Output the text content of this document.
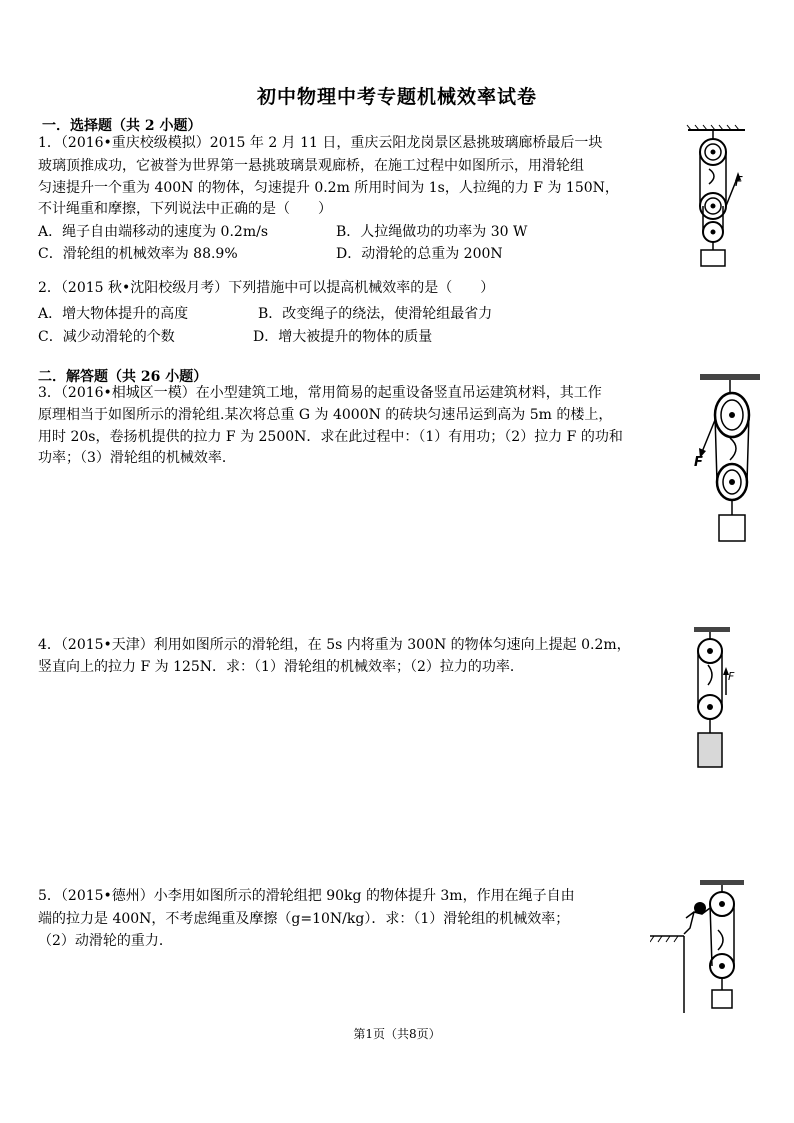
初中物理中考专题机械效率试卷
一．选择题（共 2 小题）
1．（2016•重庆校级模拟）2015 年 2 月 11 日，重庆云阳龙岗景区悬挑玻璃廊桥最后一块
玻璃顶推成功，它被誉为世界第一悬挑玻璃景观廊桥，在施工过程中如图所示，用滑轮组
匀速提升一个重为 400N 的物体，匀速提升 0.2m 所用时间为 1s，人拉绳的力 F 为 150N，
不计绳重和摩擦，下列说法中正确的是（　　）
A．绳子自由端移动的速度为 0.2m/s	B．人拉绳做功的功率为 30 W
C．滑轮组的机械效率为 88.9%	D．动滑轮的总重为 200N
F
2．（2015 秋•沈阳校级月考）下列措施中可以提高机械效率的是（　　）
A．增大物体提升的高度	B．改变绳子的绕法，使滑轮组最省力
C．减少动滑轮的个数	D．增大被提升的物体的质量
二．解答题（共 26 小题）
3．（2016•相城区一模）在小型建筑工地，常用简易的起重设备竖直吊运建筑材料，其工作
原理相当于如图所示的滑轮组.某次将总重 G 为 4000N 的砖块匀速吊运到高为 5m 的楼上，
用时 20s，卷扬机提供的拉力 F 为 2500N．求在此过程中：（1）有用功；（2）拉力 F 的功和
功率；（3）滑轮组的机械效率．	F
4．（2015•天津）利用如图所示的滑轮组，在 5s 内将重为 300N 的物体匀速向上提起 0.2m，
竖直向上的拉力 F 为 125N．求：（1）滑轮组的机械效率；（2）拉力的功率．
F
5．（2015•德州）小李用如图所示的滑轮组把 90kg 的物体提升 3m，作用在绳子自由
端的拉力是 400N，不考虑绳重及摩擦（g=10N/kg）．求：（1）滑轮组的机械效率；
（2）动滑轮的重力．
第1页（共8页）
